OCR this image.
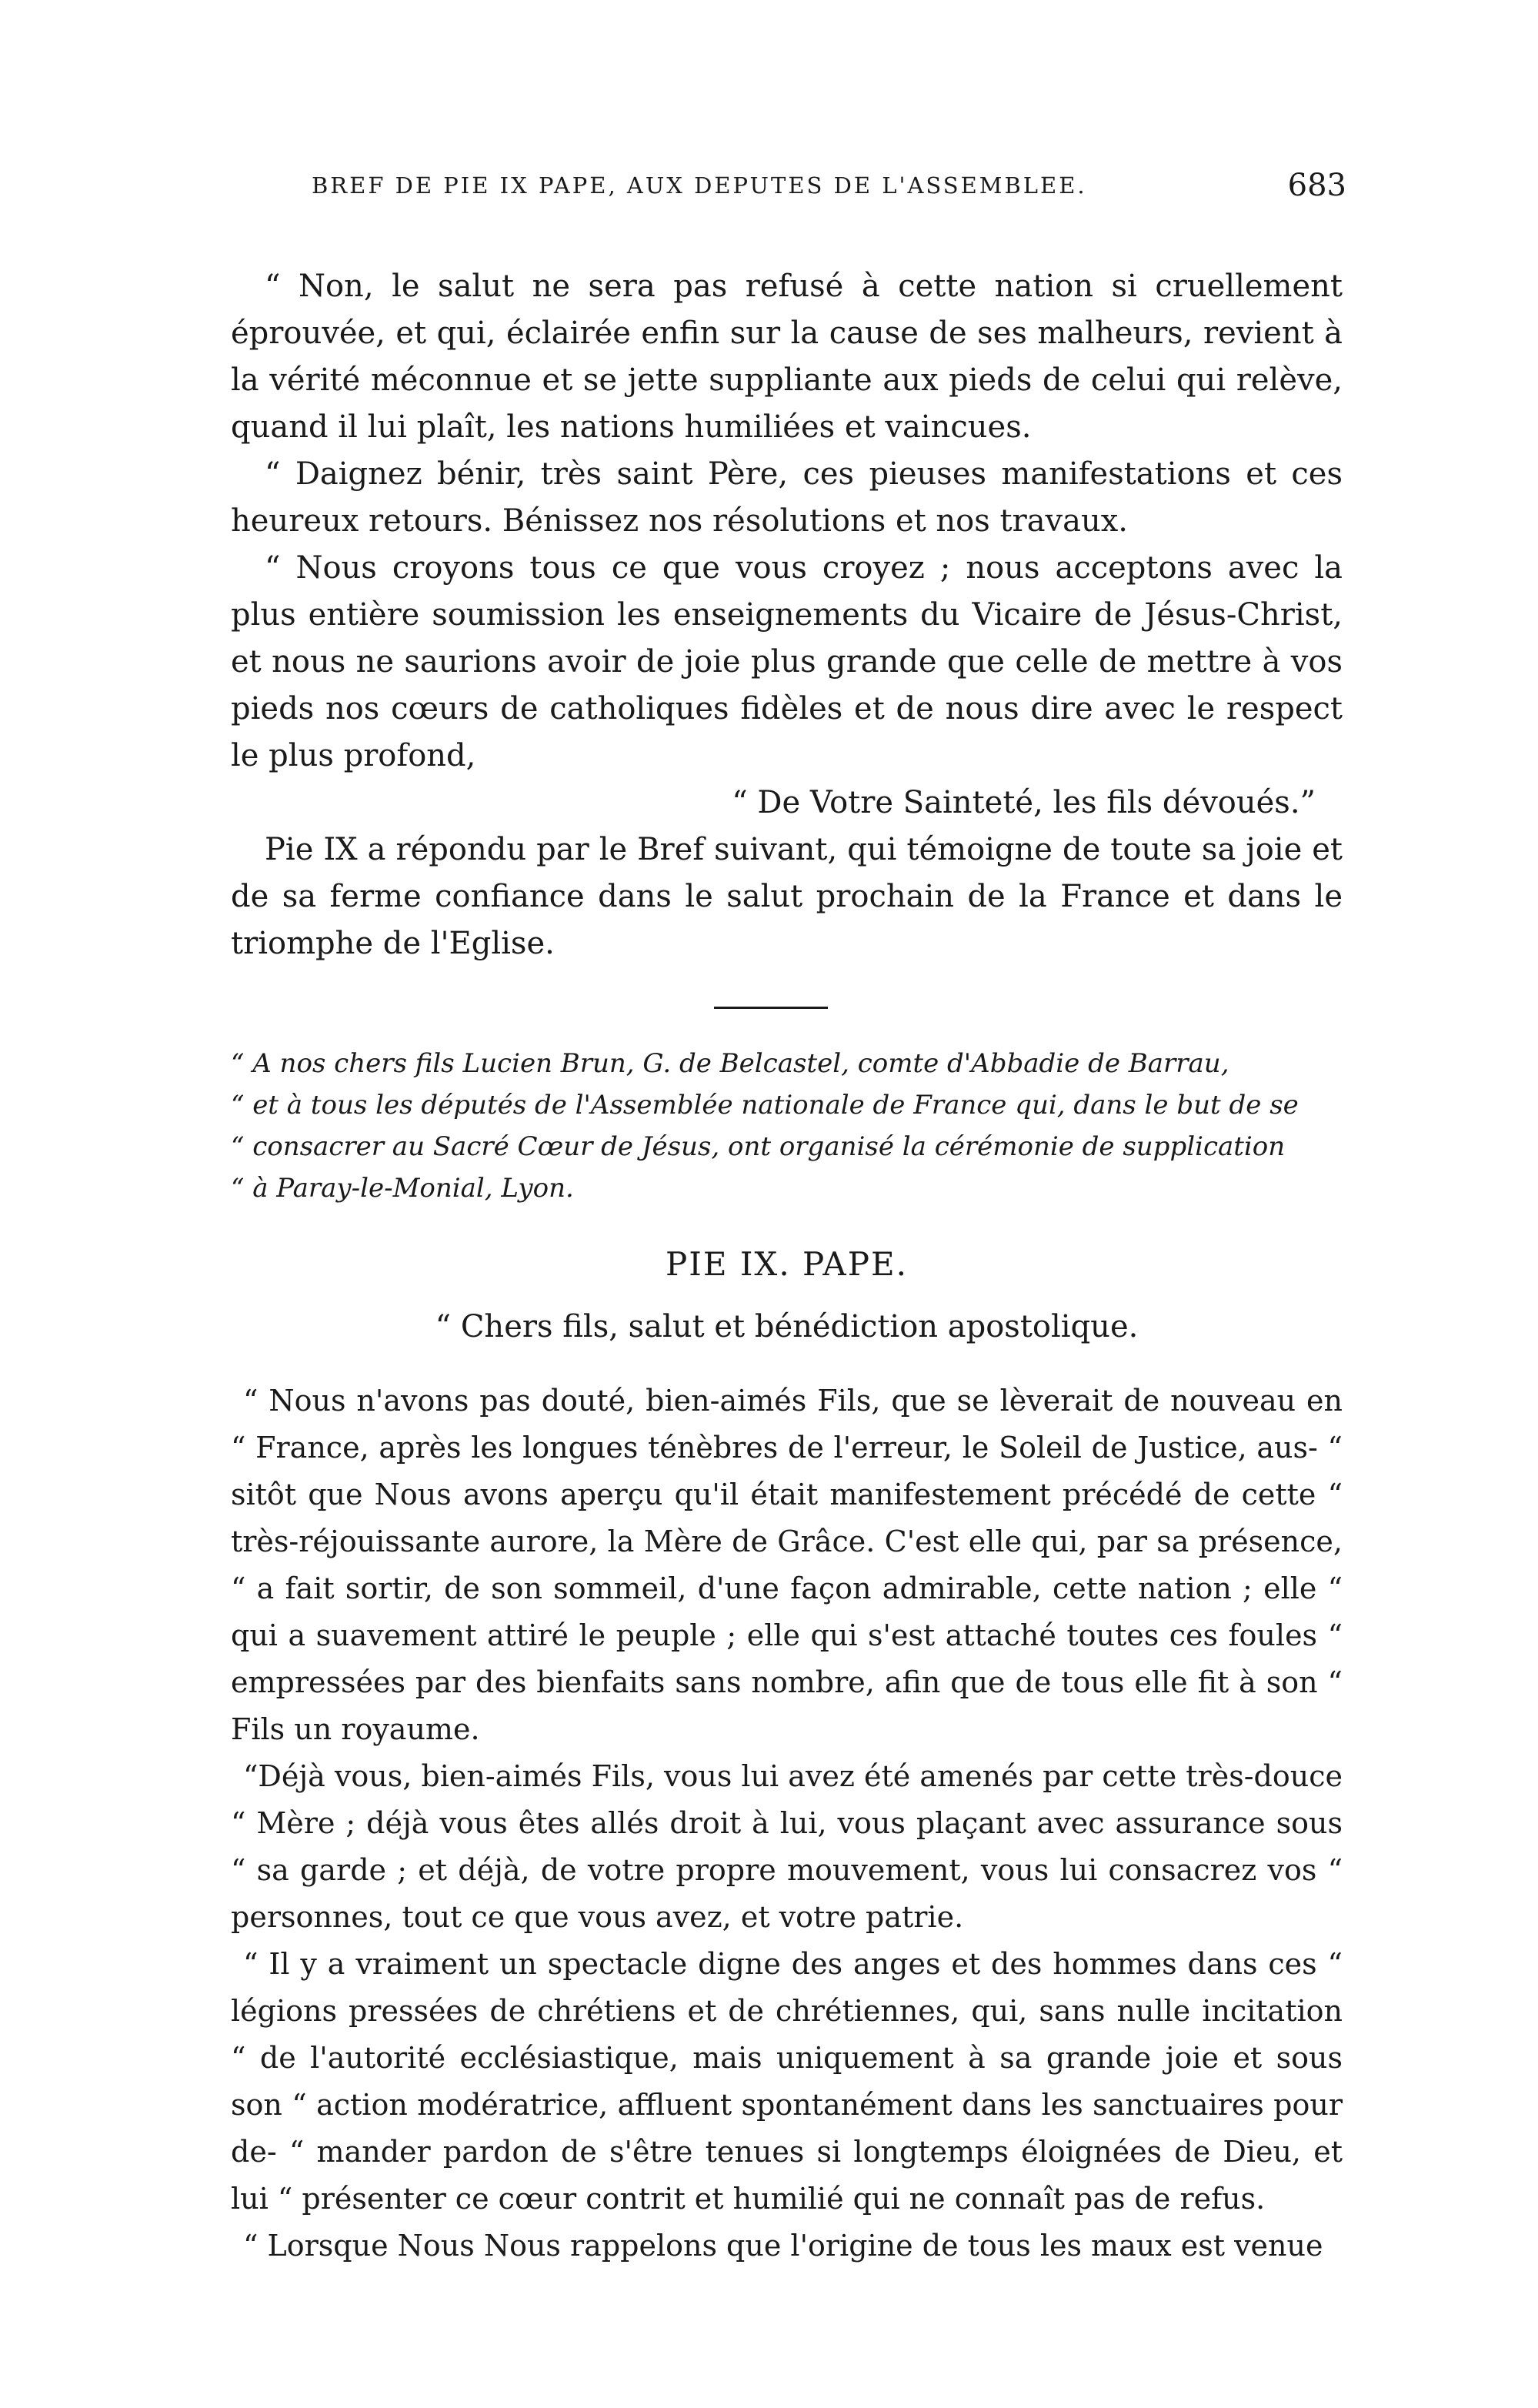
BREF DE PIE IX PAPE, AUX DEPUTES DE L'ASSEMBLEE.	683

“ Non, le salut ne sera pas refusé à cette nation si cruellement éprouvée, et qui, éclairée enfin sur la cause de ses malheurs, revient à la vérité méconnue et se jette suppliante aux pieds de celui qui relève, quand il lui plaît, les nations humiliées et vaincues.

“ Daignez bénir, très saint Père, ces pieuses manifestations et ces heureux retours. Bénissez nos résolutions et nos travaux.

“ Nous croyons tous ce que vous croyez ; nous acceptons avec la plus entière soumission les enseignements du Vicaire de Jésus-Christ, et nous ne saurions avoir de joie plus grande que celle de mettre à vos pieds nos cœurs de catholiques fidèles et de nous dire avec le respect le plus profond,

“ De Votre Sainteté, les fils dévoués.”

Pie IX a répondu par le Bref suivant, qui témoigne de toute sa joie et de sa ferme confiance dans le salut prochain de la France et dans le triomphe de l'Eglise.

“ A nos chers fils Lucien Brun, G. de Belcastel, comte d'Abbadie de Barrau,

“ et à tous les députés de l'Assemblée nationale de France qui, dans le but de se

“ consacrer au Sacré Cœur de Jésus, ont organisé la cérémonie de supplication

“ à Paray-le-Monial, Lyon.

PIE IX. PAPE.

“ Chers fils, salut et bénédiction apostolique.

“ Nous n'avons pas douté, bien-aimés Fils, que se lèverait de nouveau en “ France, après les longues ténèbres de l'erreur, le Soleil de Justice, aus- “ sitôt que Nous avons aperçu qu'il était manifestement précédé de cette “ très-réjouissante aurore, la Mère de Grâce. C'est elle qui, par sa présence, “ a fait sortir, de son sommeil, d'une façon admirable, cette nation ; elle “ qui a suavement attiré le peuple ; elle qui s'est attaché toutes ces foules “ empressées par des bienfaits sans nombre, afin que de tous elle fit à son “ Fils un royaume.

“Déjà vous, bien-aimés Fils, vous lui avez été amenés par cette très-douce “ Mère ; déjà vous êtes allés droit à lui, vous plaçant avec assurance sous “ sa garde ; et déjà, de votre propre mouvement, vous lui consacrez vos “ personnes, tout ce que vous avez, et votre patrie.

“ Il y a vraiment un spectacle digne des anges et des hommes dans ces “ légions pressées de chrétiens et de chrétiennes, qui, sans nulle incitation “ de l'autorité ecclésiastique, mais uniquement à sa grande joie et sous son “ action modératrice, affluent spontanément dans les sanctuaires pour de- “ mander pardon de s'être tenues si longtemps éloignées de Dieu, et lui “ présenter ce cœur contrit et humilié qui ne connaît pas de refus.

“ Lorsque Nous Nous rappelons que l'origine de tous les maux est venue
